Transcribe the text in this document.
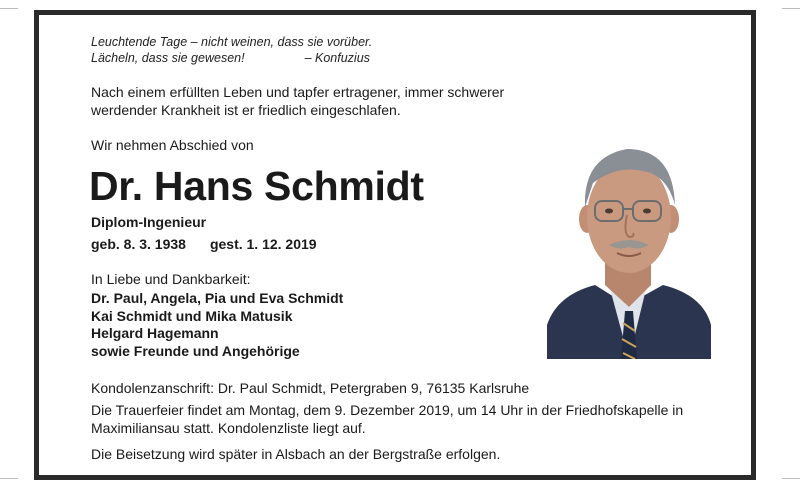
Leuchtende Tage – nicht weinen, dass sie vorüber.
Lächeln, dass sie gewesen!	– Konfuzius
Nach einem erfüllten Leben und tapfer ertragener, immer schwerer werdender Krankheit ist er friedlich eingeschlafen.
Wir nehmen Abschied von
Dr. Hans Schmidt
Diplom-Ingenieur
geb. 8. 3. 1938 gest. 1. 12. 2019
In Liebe und Dankbarkeit:
Dr. Paul, Angela, Pia und Eva Schmidt
Kai Schmidt und Mika Matusik
Helgard Hagemann
sowie Freunde und Angehörige
Kondolenzanschrift: Dr. Paul Schmidt, Petergraben 9, 76135 Karlsruhe
Die Trauerfeier findet am Montag, dem 9. Dezember 2019, um 14 Uhr in der Friedhofskapelle in Maximiliansau statt. Kondolenzliste liegt auf.
Die Beisetzung wird später in Alsbach an der Bergstraße erfolgen.
